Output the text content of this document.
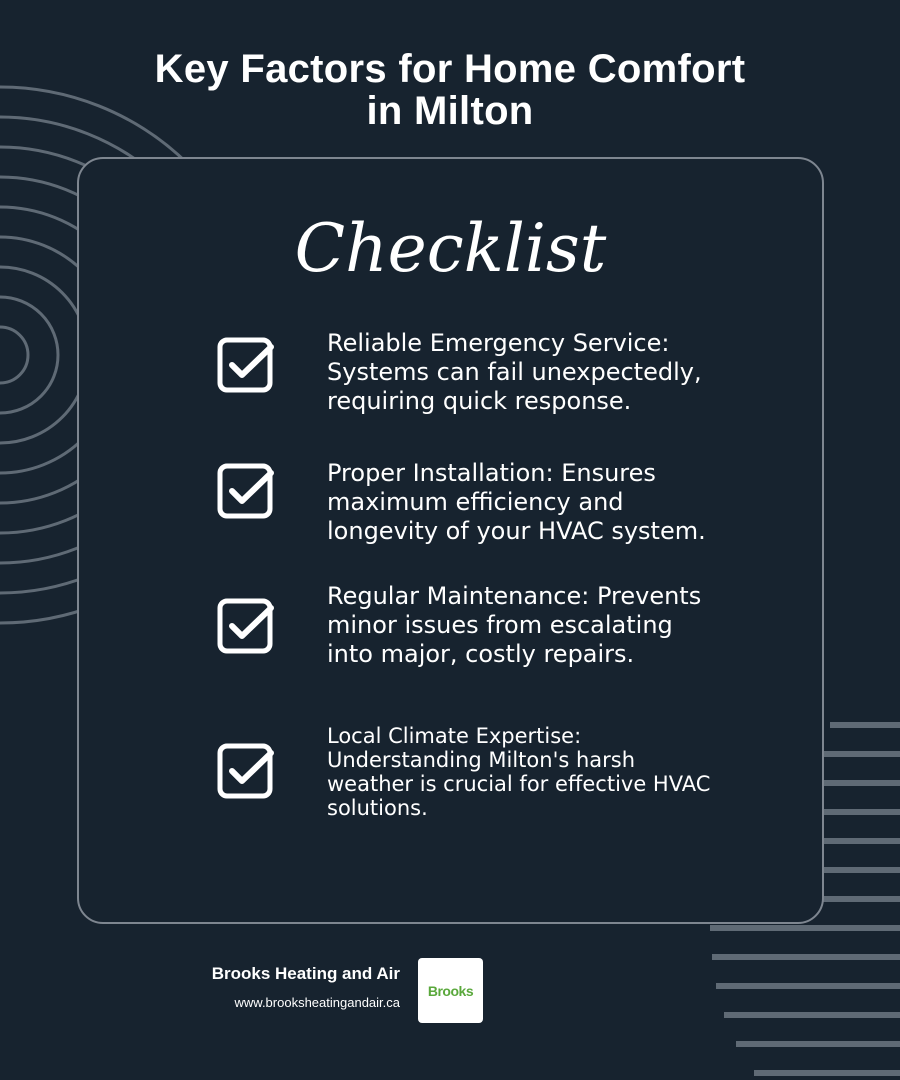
Key Factors for Home Comfort
in Milton
Checklist
Reliable Emergency Service:
Systems can fail unexpectedly,
requiring quick response.
Proper Installation: Ensures
maximum efficiency and
longevity of your HVAC system.
Regular Maintenance: Prevents
minor issues from escalating
into major, costly repairs.
Local Climate Expertise:
Understanding Milton's harsh
weather is crucial for effective HVAC
solutions.
Brooks Heating and Air
www.brooksheatingandair.ca
Brooks
